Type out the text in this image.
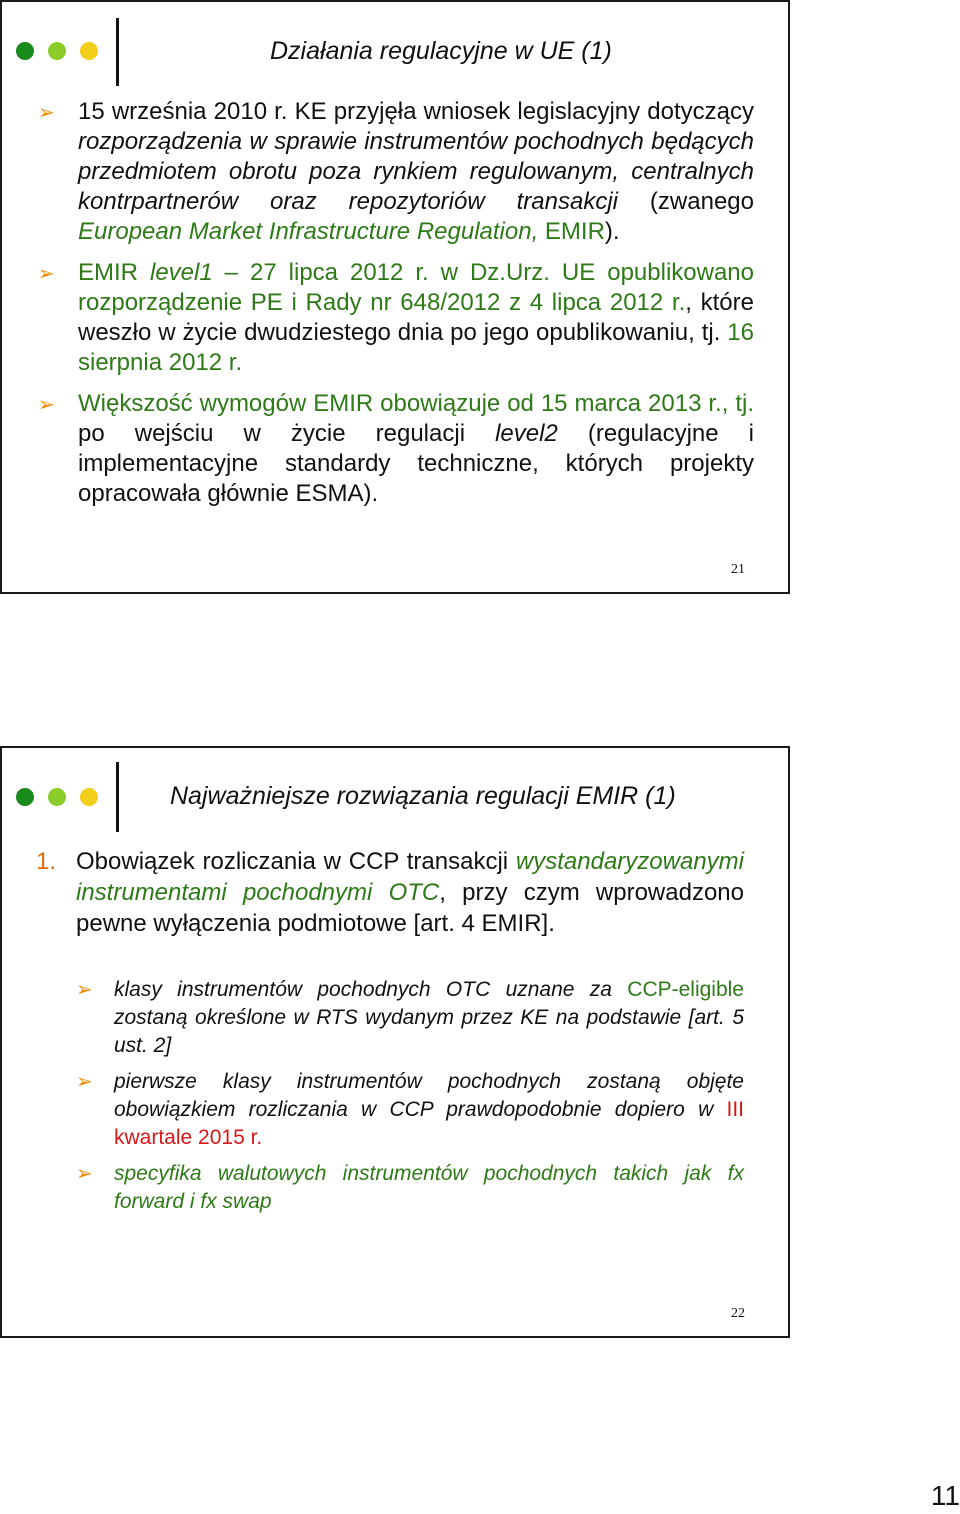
Działania regulacyjne w UE (1)
➢ 15 września 2010 r. KE przyjęła wniosek legislacyjny dotyczący rozporządzenia w sprawie instrumentów pochodnych będących przedmiotem obrotu poza rynkiem regulowanym, centralnych kontrpartnerów oraz repozytoriów transakcji (zwanego European Market Infrastructure Regulation, EMIR).
➢ EMIR level1 – 27 lipca 2012 r. w Dz.Urz. UE opublikowano rozporządzenie PE i Rady nr 648/2012 z 4 lipca 2012 r., które weszło w życie dwudziestego dnia po jego opublikowaniu, tj. 16 sierpnia 2012 r.
➢ Większość wymogów EMIR obowiązuje od 15 marca 2013 r., tj. po wejściu w życie regulacji level2 (regulacyjne i implementacyjne standardy techniczne, których projekty opracowała głównie ESMA).
21
Najważniejsze rozwiązania regulacji EMIR (1)
22
1. Obowiązek rozliczania w CCP transakcji wystandaryzowanymi instrumentami pochodnymi OTC, przy czym wprowadzono pewne wyłączenia podmiotowe [art. 4 EMIR].
➢ klasy instrumentów pochodnych OTC uznane za CCP-eligible zostaną określone w RTS wydanym przez KE na podstawie [art. 5 ust. 2]
➢ pierwsze klasy instrumentów pochodnych zostaną objęte obowiązkiem rozliczania w CCP prawdopodobnie dopiero w III kwartale 2015 r.
➢ specyfika walutowych instrumentów pochodnych takich jak fx forward i fx swap
11
